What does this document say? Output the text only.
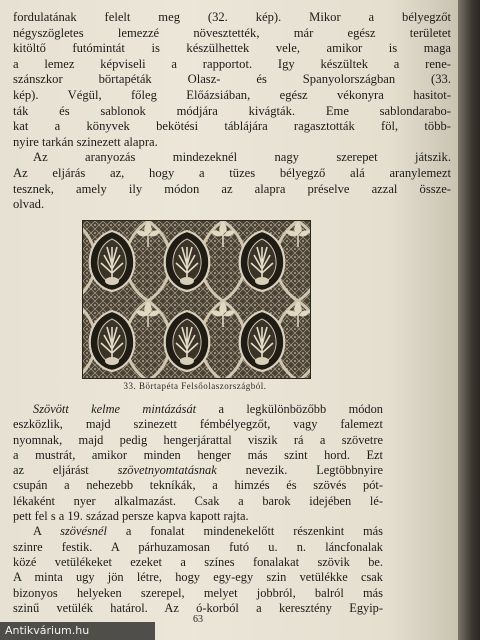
fordulatának felelt meg (32. kép). Mikor a bélyegzőt
négyszögletes lemezzé növesztették, már egész területet
kitöltő futómintát is készülhettek vele, amikor is maga
a lemez képviseli a rapportot. Igy készültek a rene-
szánszkor börtapéták Olasz- és Spanyolországban (33.
kép). Végül, főleg Előázsiában, egész vékonyra hasitot-
ták és sablonok módjára kivágták. Eme sablondarabo-
kat a könyvek bekötési táblájára ragasztották föl, több-
nyire tarkán szinezett alapra.
Az aranyozás mindezeknél nagy szerepet játszik.
Az eljárás az, hogy a tüzes bélyegző alá aranylemezt
tesznek, amely ily módon az alapra préselve azzal össze-
olvad.
33. Börtapéta Felsőolaszországból.
Szövött kelme mintázását a legkülönbözőbb módon
eszközlik, majd szinezett fémbélyegzőt, vagy falemezt
nyomnak, majd pedig hengerjárattal viszik rá a szövetre
a mustrát, amikor minden henger más szint hord. Ezt
az eljárást szövetnyomtatásnak nevezik. Legtöbbnyire
csupán a nehezebb tekníkák, a himzés és szövés pót-
lékaként nyer alkalmazást. Csak a barok idejében lé-
pett fel s a 19. század persze kapva kapott rajta.
A szövésnél a fonalat mindenekelőtt részenkint más
szinre festik. A párhuzamosan futó u. n. láncfonalak
közé vetülékeket ezeket a színes fonalakat szövik be.
A minta ugy jön létre, hogy egy-egy szin vetülékke csak
bizonyos helyeken szerepel, melyet jobbról, balról más
szinű vetülék határol. Az ó-korból a keresztény Egyip-
63
Antikvárium.hu
